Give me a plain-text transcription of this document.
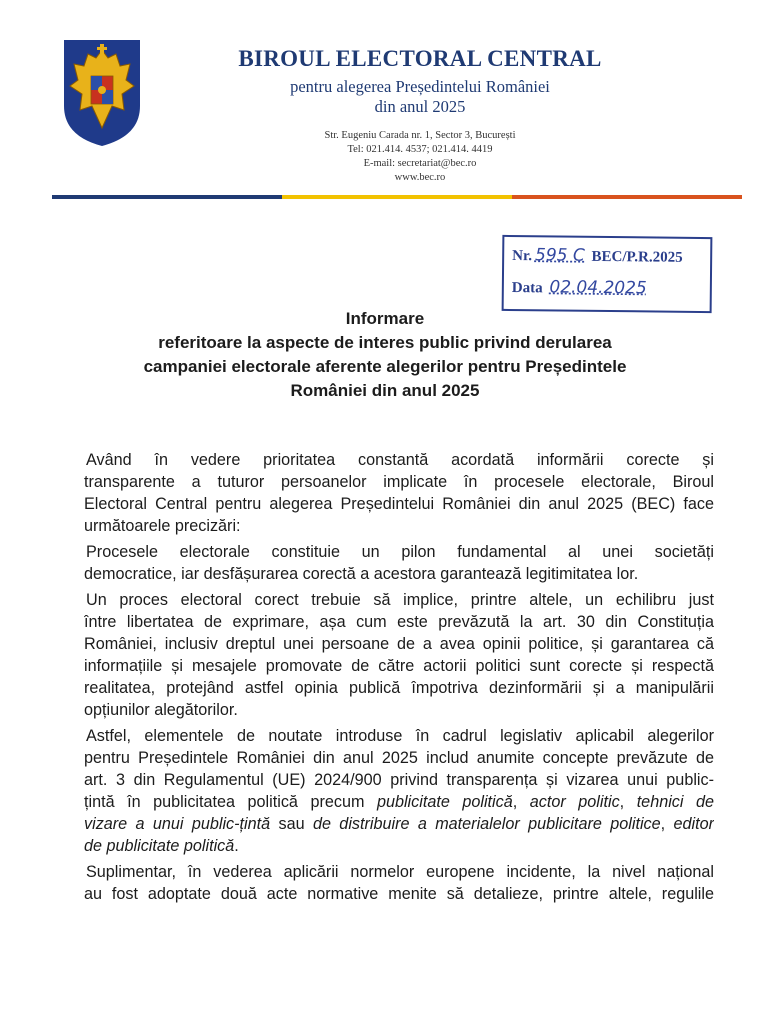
BIROUL ELECTORAL CENTRAL
pentru alegerea Președintelui României
din anul 2025
Str. Eugeniu Carada nr. 1, Sector 3, București
Tel: 021.414. 4537; 021.414. 4419
E-mail: secretariat@bec.ro
www.bec.ro
Nr. 595 C BEC/P.R.2025
Data 02.04.2025
Informare
referitoare la aspecte de interes public privind derularea
campaniei electorale aferente alegerilor pentru Președintele
României din anul 2025
Având în vedere prioritatea constantă acordată informării corecte și
transparente a tuturor persoanelor implicate în procesele electorale, Biroul
Electoral Central pentru alegerea Președintelui României din anul 2025 (BEC) face
următoarele precizări:
Procesele electorale constituie un pilon fundamental al unei societăți
democratice, iar desfășurarea corectă a acestora garantează legitimitatea lor.
Un proces electoral corect trebuie să implice, printre altele, un echilibru just
între libertatea de exprimare, așa cum este prevăzută la art. 30 din Constituția
României, inclusiv dreptul unei persoane de a avea opinii politice, și garantarea că
informațiile și mesajele promovate de către actorii politici sunt corecte și respectă
realitatea, protejând astfel opinia publică împotriva dezinformării și a manipulării
opțiunilor alegătorilor.
Astfel, elementele de noutate introduse în cadrul legislativ aplicabil alegerilor
pentru Președintele României din anul 2025 includ anumite concepte prevăzute de
art. 3 din Regulamentul (UE) 2024/900 privind transparența și vizarea unui public-
țintă în publicitatea politică precum publicitate politică, actor politic, tehnici de
vizare a unui public-țintă sau de distribuire a materialelor publicitare politice, editor
de publicitate politică.
Suplimentar, în vederea aplicării normelor europene incidente, la nivel național
au fost adoptate două acte normative menite să detalieze, printre altele, regulile
